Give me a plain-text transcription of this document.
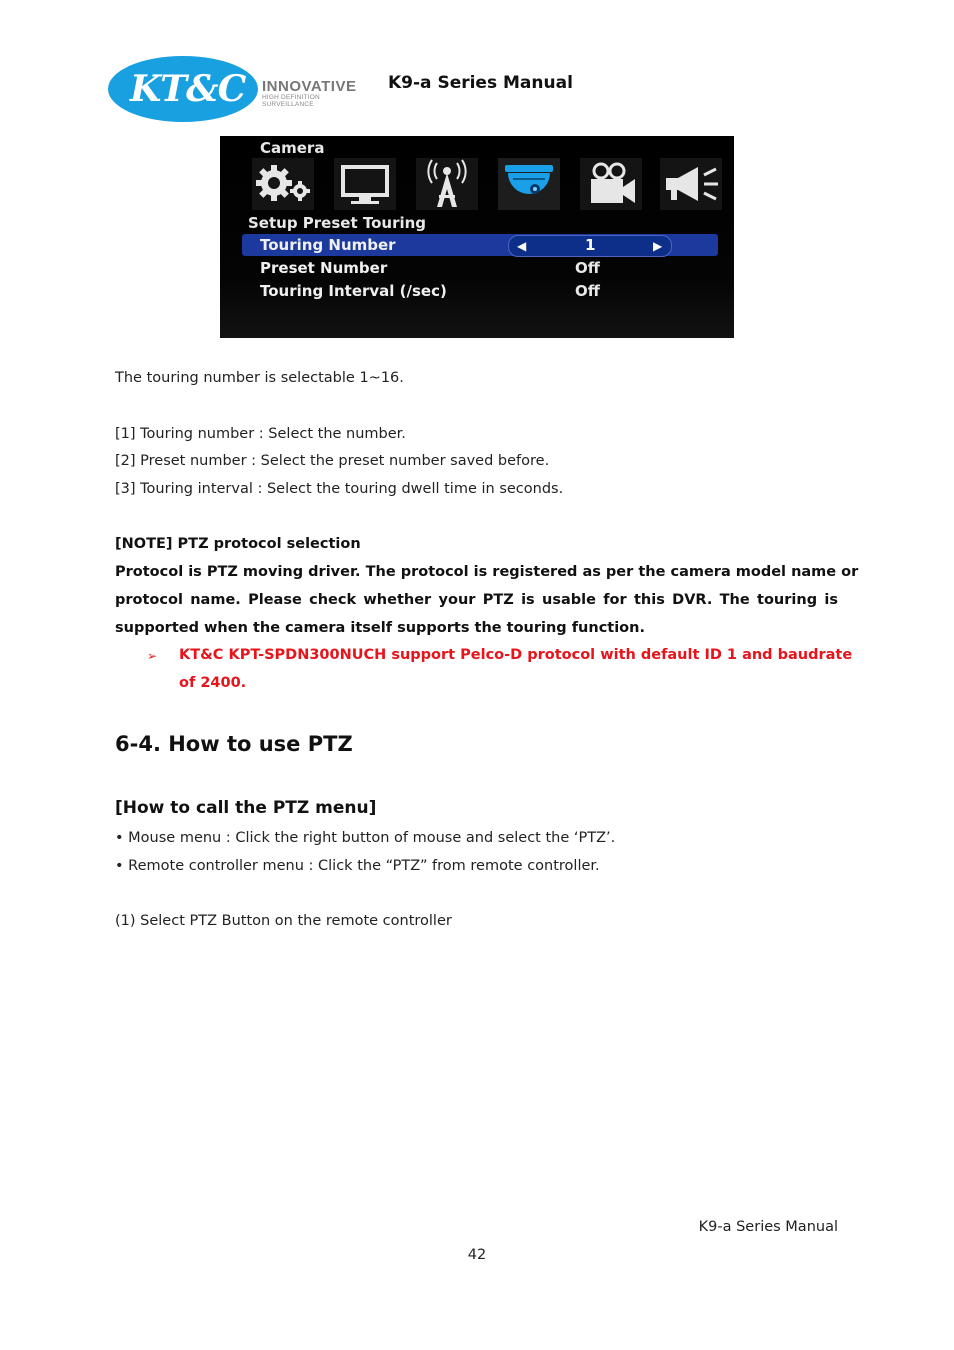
KT&C INNOVATIVE
HIGH DEFINITION SURVEILLANCE
K9-a Series Manual
Camera
Setup Preset Touring
Touring Number	◀	1	▶
Preset Number	Off
Touring Interval (/sec)	Off
The touring number is selectable 1~16.
[1] Touring number : Select the number.
[2] Preset number : Select the preset number saved before.
[3] Touring interval : Select the touring dwell time in seconds.
[NOTE] PTZ protocol selection
Protocol is PTZ moving driver. The protocol is registered as per the camera model name or
protocol name. Please check whether your PTZ is usable for this DVR. The touring is
supported when the camera itself supports the touring function.
➢ KT&C KPT-SPDN300NUCH support Pelco-D protocol with default ID 1 and baudrate
of 2400.
6-4. How to use PTZ
[How to call the PTZ menu]
• Mouse menu : Click the right button of mouse and select the ‘PTZ’.
• Remote controller menu : Click the “PTZ” from remote controller.
(1) Select PTZ Button on the remote controller
K9-a Series Manual
42
